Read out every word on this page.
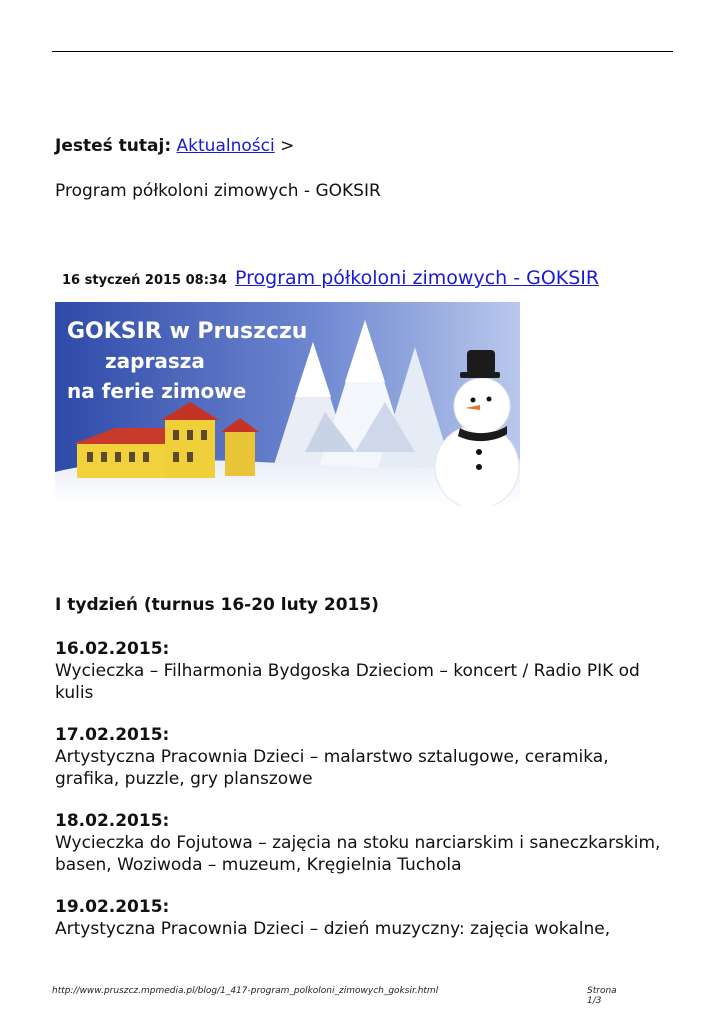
Jesteś tutaj: Aktualności >
Program półkoloni zimowych - GOKSIR
16 styczeń 2015 08:34 Program półkoloni zimowych - GOKSIR
GOKSIR w Pruszczu
zaprasza
na ferie zimowe
I tydzień (turnus 16-20 luty 2015)
16.02.2015:
Wycieczka – Filharmonia Bydgoska Dzieciom – koncert / Radio PIK od kulis
17.02.2015:
Artystyczna Pracownia Dzieci – malarstwo sztalugowe, ceramika, grafika, puzzle, gry planszowe
18.02.2015:
Wycieczka do Fojutowa – zajęcia na stoku narciarskim i saneczkarskim, basen, Woziwoda – muzeum, Kręgielnia Tuchola
19.02.2015:
Artystyczna Pracownia Dzieci – dzień muzyczny: zajęcia wokalne,
http://www.pruszcz.mpmedia.pl/blog/1_417-program_polkoloni_zimowych_goksir.html	Strona 1/3
